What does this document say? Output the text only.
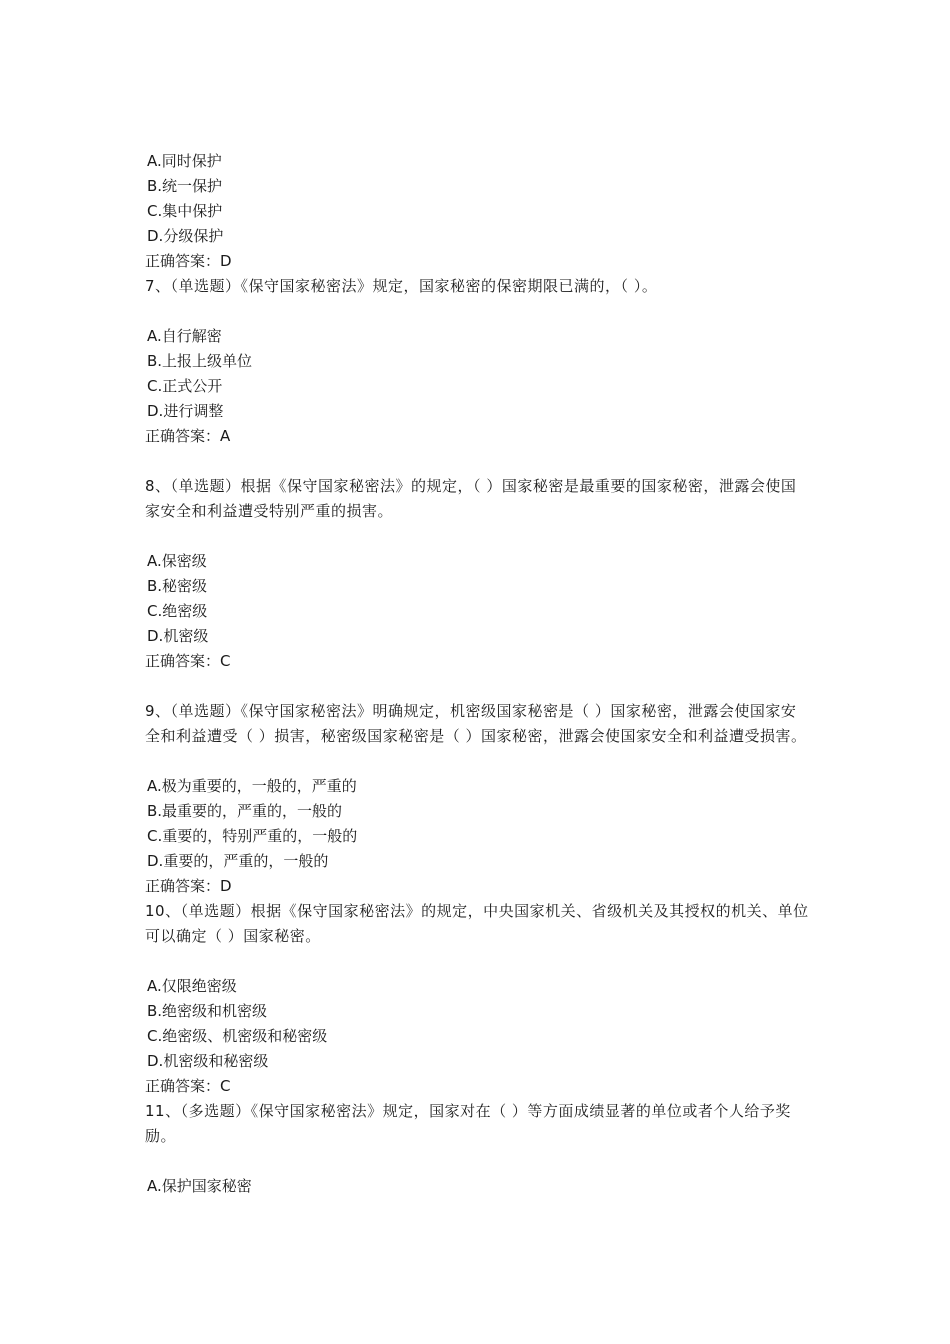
A.同时保护
B.统一保护
C.集中保护
D.分级保护
正确答案：D
7、（单选题）《保守国家秘密法》规定，国家秘密的保密期限已满的，（ ）。
A.自行解密
B.上报上级单位
C.正式公开
D.进行调整
正确答案：A
8、（单选题）根据《保守国家秘密法》的规定，（ ）国家秘密是最重要的国家秘密，泄露会使国家安全和利益遭受特别严重的损害。
A.保密级
B.秘密级
C.绝密级
D.机密级
正确答案：C
9、（单选题）《保守国家秘密法》明确规定，机密级国家秘密是（ ）国家秘密，泄露会使国家安全和利益遭受（ ）损害，秘密级国家秘密是（ ）国家秘密，泄露会使国家安全和利益遭受损害。
A.极为重要的，一般的，严重的
B.最重要的，严重的，一般的
C.重要的，特别严重的，一般的
D.重要的，严重的，一般的
正确答案：D
10、（单选题）根据《保守国家秘密法》的规定，中央国家机关、省级机关及其授权的机关、单位可以确定（ ）国家秘密。
A.仅限绝密级
B.绝密级和机密级
C.绝密级、机密级和秘密级
D.机密级和秘密级
正确答案：C
11、（多选题）《保守国家秘密法》规定，国家对在（ ）等方面成绩显著的单位或者个人给予奖励。
A.保护国家秘密
